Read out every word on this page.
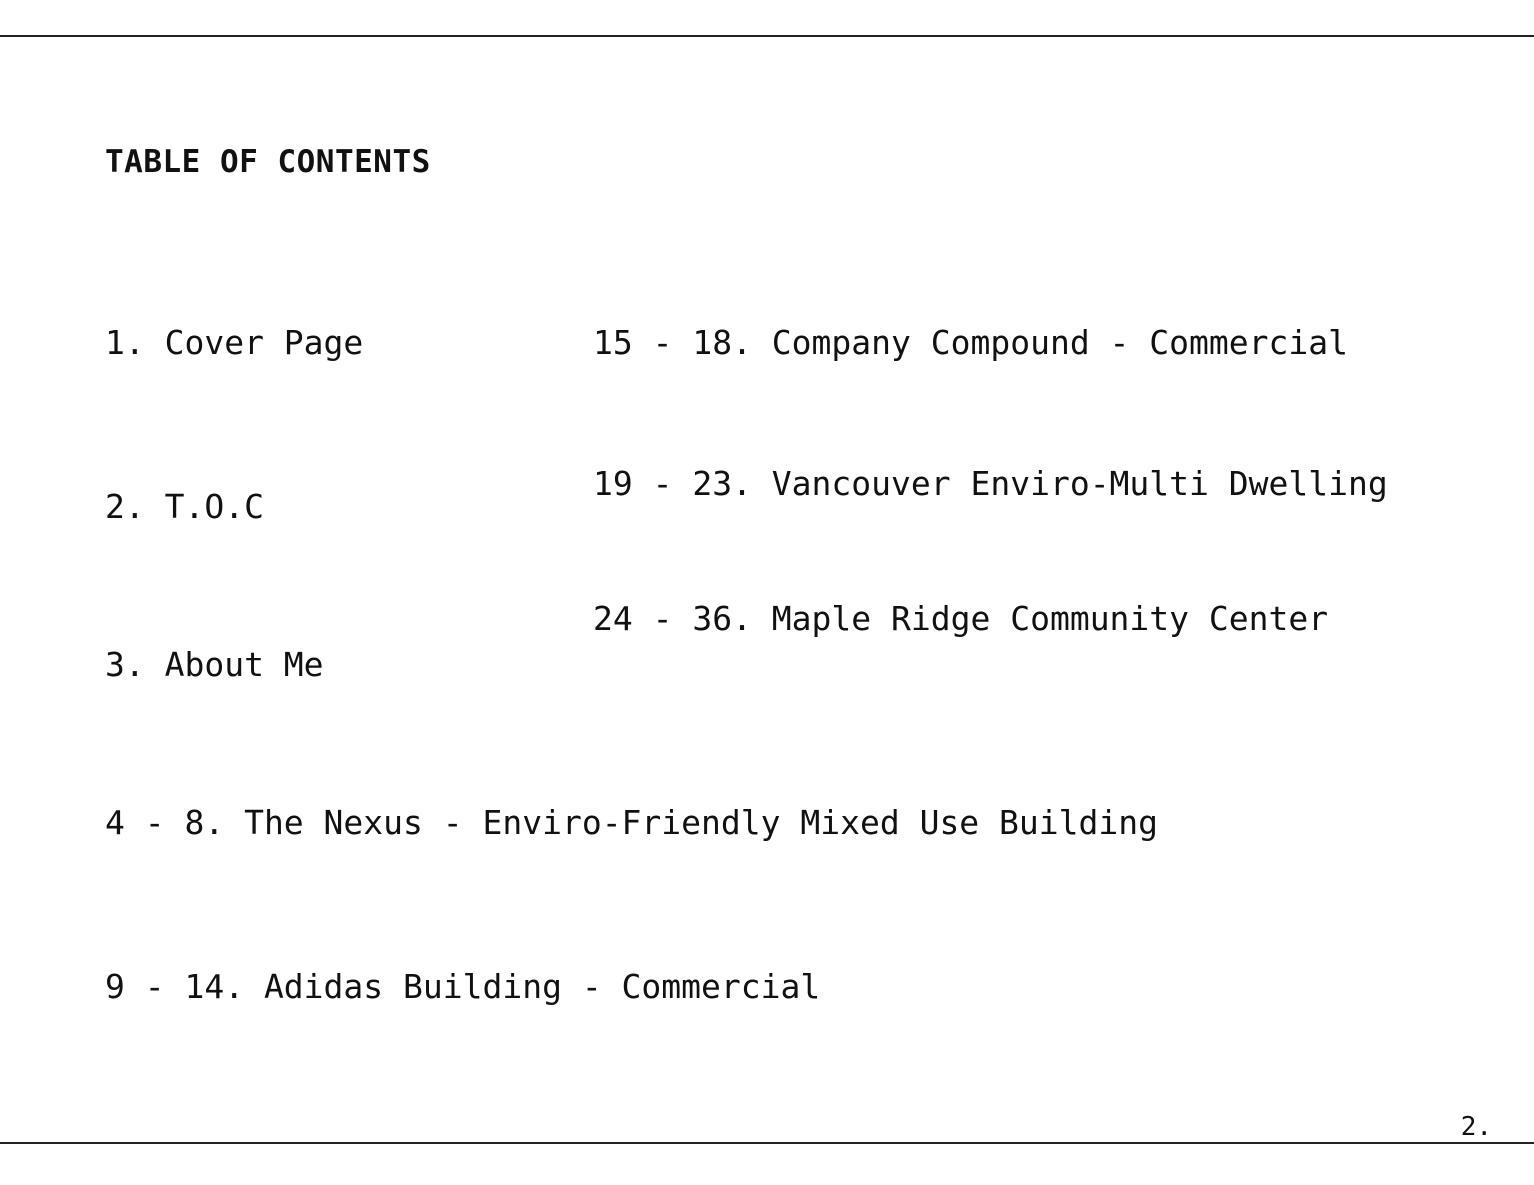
TABLE OF CONTENTS
1. Cover Page
2. T.O.C
3. About Me
4 - 8. The Nexus - Enviro-Friendly Mixed Use Building
9 - 14. Adidas Building - Commercial
15 - 18. Company Compound - Commercial
19 - 23. Vancouver Enviro-Multi Dwelling
24 - 36. Maple Ridge Community Center
2.
